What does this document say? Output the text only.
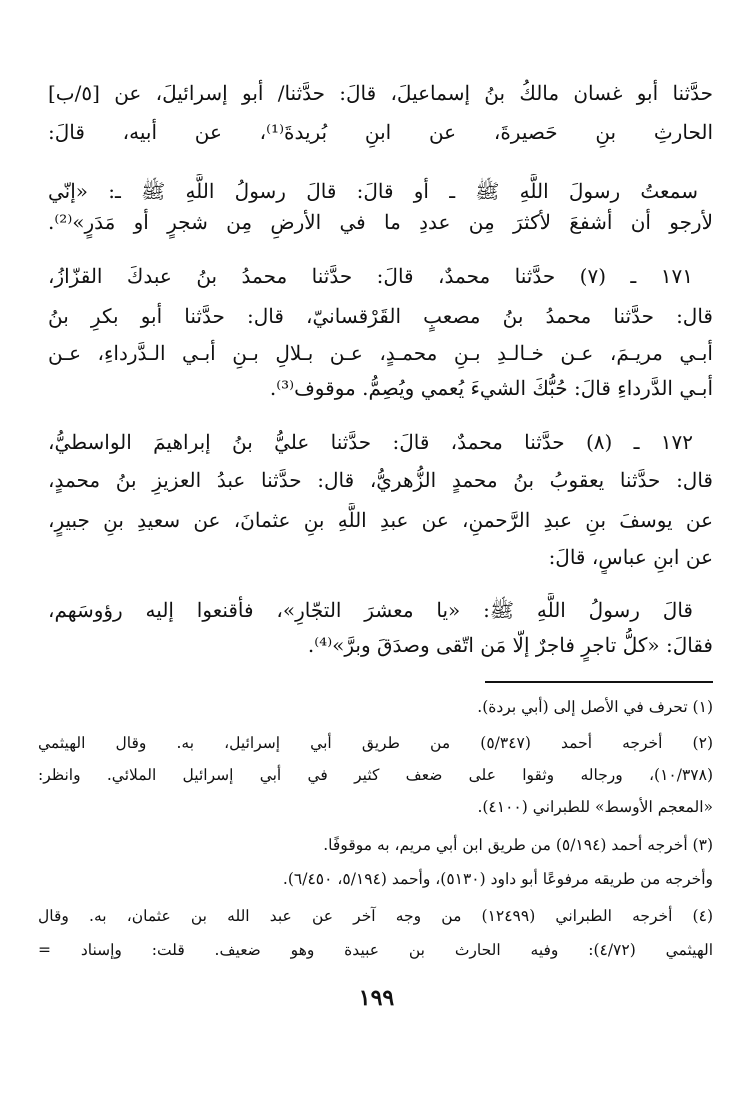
حدَّثنا أبو غسان مالكُ بنُ إسماعيلَ، قالَ: حدَّثنا/ أبو إسرائيلَ، عن [٥/ب]
الحارثِ بنِ حَصيرةَ، عن ابنِ بُريدةَ⁽¹⁾، عن أبيه، قالَ:
سمعتُ رسولَ اللَّهِ ﷺ ـ أو قالَ: قالَ رسولُ اللَّهِ ﷺ ـ: «إنّي
لأرجو أن أشفعَ لأكثرَ مِن عددِ ما في الأرضِ مِن شجرٍ أو مَدَرٍ»⁽²⁾.
١٧١ ـ (٧) حدَّثنا محمدٌ، قالَ: حدَّثنا محمدُ بنُ عبدكَ القزّازُ،
قال: حدَّثنا محمدُ بنُ مصعبٍ القَرْقسانيّ، قال: حدَّثنا أبو بكرِ بنُ
أبـي مريـمَ، عـن خـالـدِ بـنِ محمـدٍ، عـن بـلالِ بـنِ أبـي الـدَّرداءِ، عـن
أبـي الدَّرداءِ قالَ: حُبُّكَ الشيءَ يُعمي ويُصِمُّ. موقوف⁽³⁾.
١٧٢ ـ (٨) حدَّثنا محمدٌ، قالَ: حدَّثنا عليُّ بنُ إبراهيمَ الواسطيُّ،
قال: حدَّثنا يعقوبُ بنُ محمدٍ الزُّهريُّ، قال: حدَّثنا عبدُ العزيزِ بنُ محمدٍ،
عن يوسفَ بنِ عبدِ الرَّحمنِ، عن عبدِ اللَّهِ بنِ عثمانَ، عن سعيدِ بنِ جبيرٍ،
عن ابنِ عباسٍ، قالَ:
قالَ رسولُ اللَّهِ ﷺ: «يا معشرَ التجّارِ»، فأقنعوا إليه رؤوسَهم،
فقالَ: «كلُّ تاجرٍ فاجرٌ إلّا مَن اتّقى وصدَقَ وبرَّ»⁽⁴⁾.
(١) تحرف في الأصل إلى (أبي بردة).
(٢) أخرجه أحمد (٥/٣٤٧) من طريق أبي إسرائيل، به. وقال الهيثمي
(١٠/٣٧٨)، ورجاله وثقوا على ضعف كثير في أبي إسرائيل الملائي. وانظر:
«المعجم الأوسط» للطبراني (٤١٠٠).
(٣) أخرجه أحمد (٥/١٩٤) من طريق ابن أبي مريم، به موقوفًا.
وأخرجه من طريقه مرفوعًا أبو داود (٥١٣٠)، وأحمد (٥/١٩٤، ٦/٤٥٠).
(٤) أخرجه الطبراني (١٢٤٩٩) من وجه آخر عن عبد الله بن عثمان، به. وقال
الهيثمي (٤/٧٢): وفيه الحارث بن عبيدة وهو ضعيف. قلت: وإسناد =
١٩٩
